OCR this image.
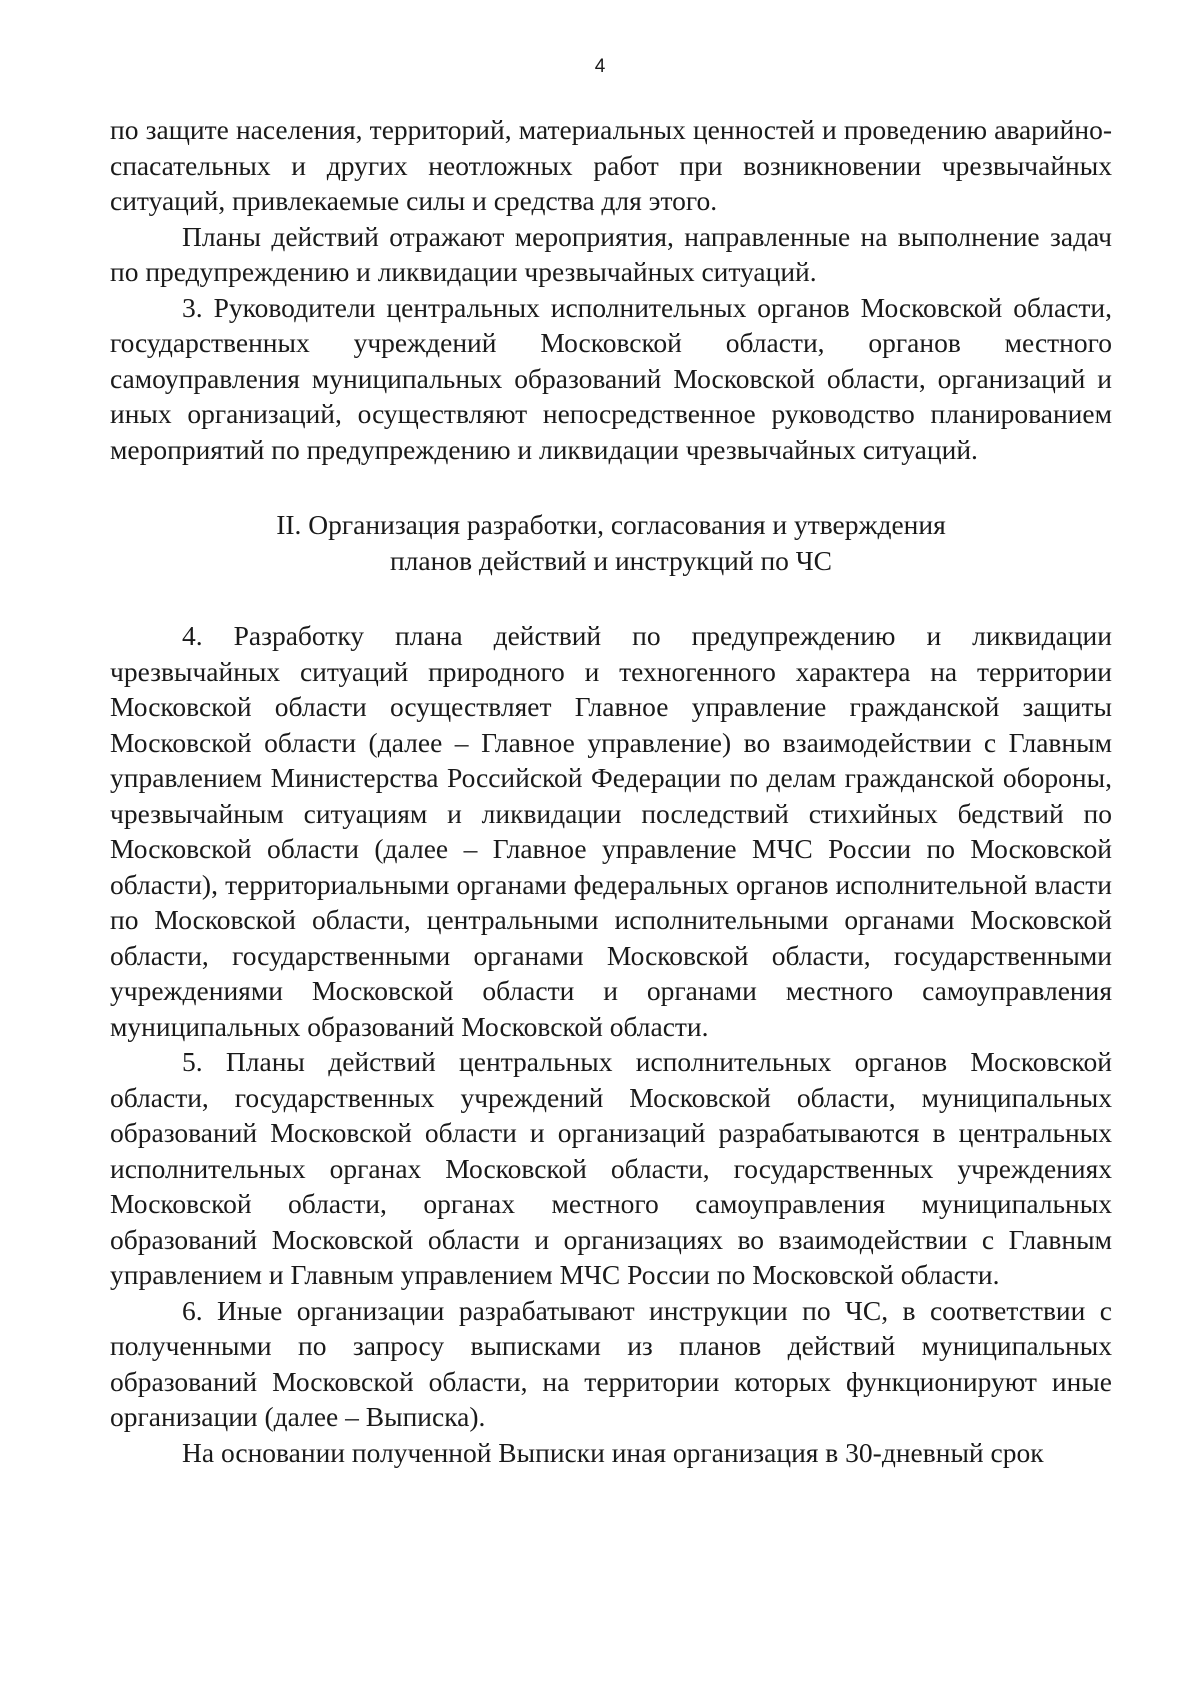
4

по защите населения, территорий, материальных ценностей и проведению аварийно-спасательных и других неотложных работ при возникновении чрезвычайных ситуаций, привлекаемые силы и средства для этого.

Планы действий отражают мероприятия, направленные на выполнение задач по предупреждению и ликвидации чрезвычайных ситуаций.

3. Руководители центральных исполнительных органов Московской области, государственных учреждений Московской области, органов местного самоуправления муниципальных образований Московской области, организаций и иных организаций, осуществляют непосредственное руководство планированием мероприятий по предупреждению и ликвидации чрезвычайных ситуаций.

II. Организация разработки, согласования и утверждения
планов действий и инструкций по ЧС

4. Разработку плана действий по предупреждению и ликвидации чрезвычайных ситуаций природного и техногенного характера на территории Московской области осуществляет Главное управление гражданской защиты Московской области (далее – Главное управление) во взаимодействии с Главным управлением Министерства Российской Федерации по делам гражданской обороны, чрезвычайным ситуациям и ликвидации последствий стихийных бедствий по Московской области (далее – Главное управление МЧС России по Московской области), территориальными органами федеральных органов исполнительной власти по Московской области, центральными исполнительными органами Московской области, государственными органами Московской области, государственными учреждениями Московской области и органами местного самоуправления муниципальных образований Московской области.

5. Планы действий центральных исполнительных органов Московской области, государственных учреждений Московской области, муниципальных образований Московской области и организаций разрабатываются в центральных исполнительных органах Московской области, государственных учреждениях Московской области, органах местного самоуправления муниципальных образований Московской области и организациях во взаимодействии с Главным управлением и Главным управлением МЧС России по Московской области.

6. Иные организации разрабатывают инструкции по ЧС, в соответствии с полученными по запросу выписками из планов действий муниципальных образований Московской области, на территории которых функционируют иные организации (далее – Выписка).

На основании полученной Выписки иная организация в 30-дневный срок
